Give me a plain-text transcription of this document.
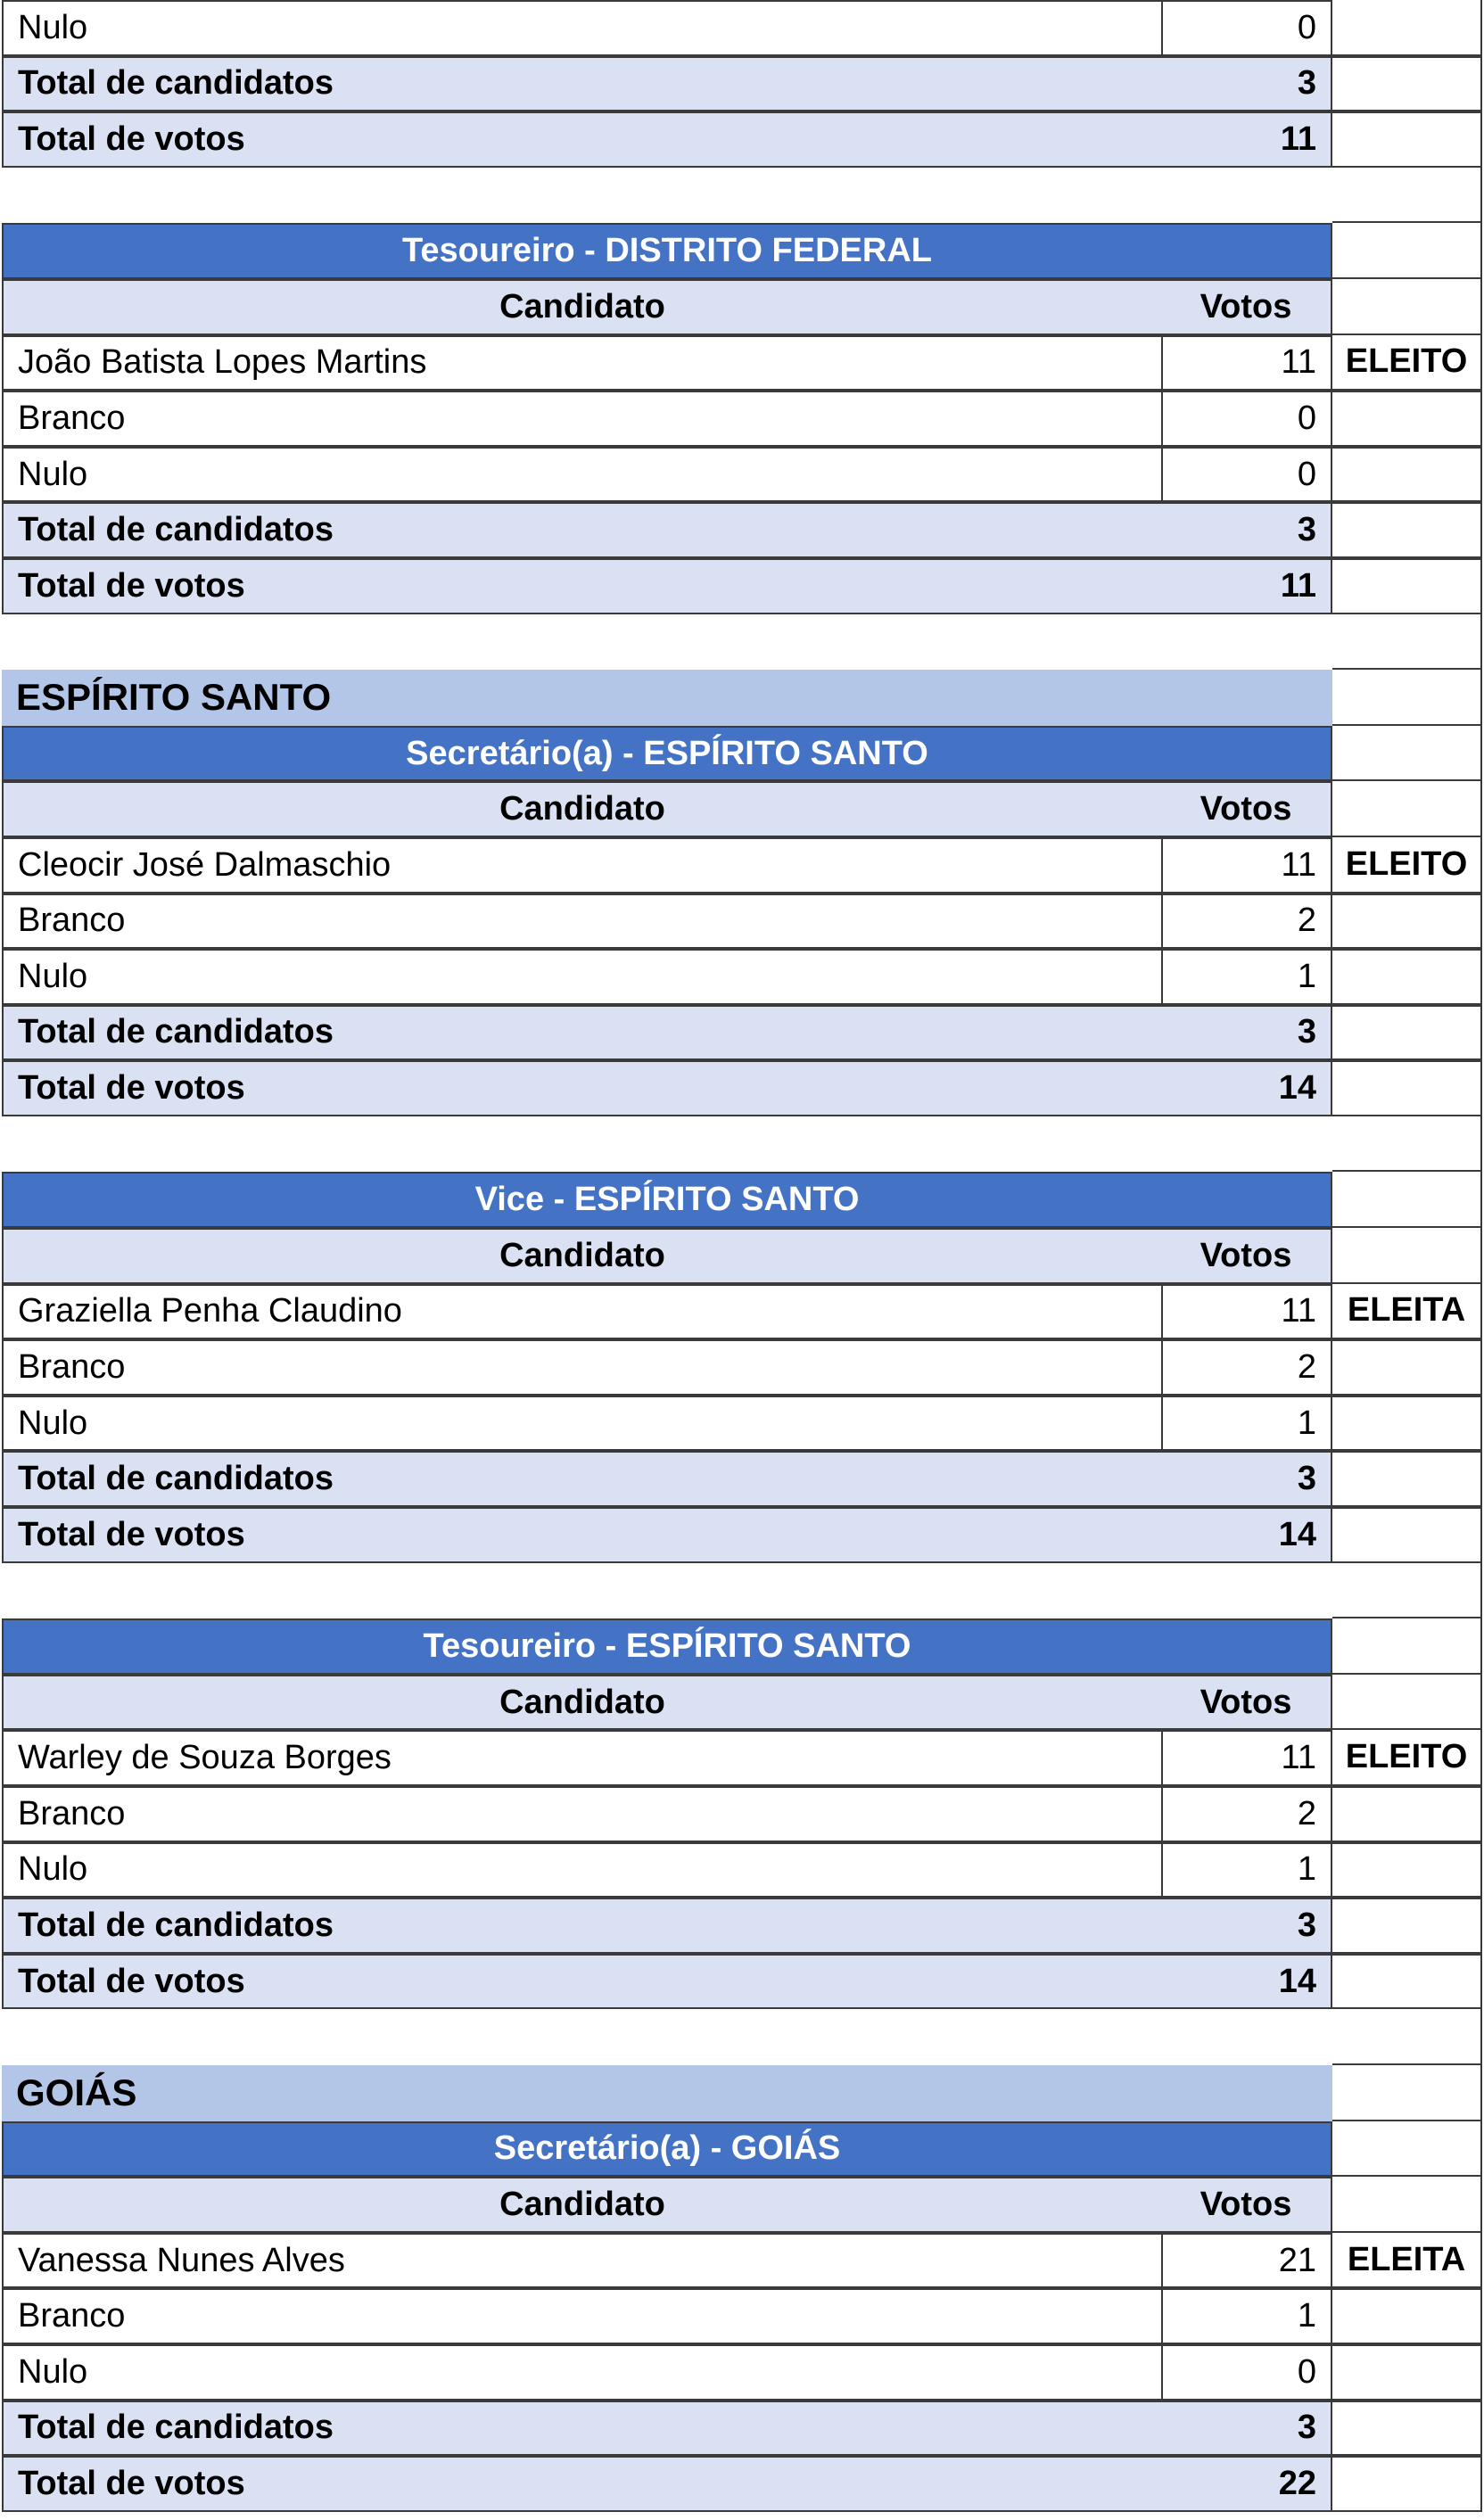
Nulo	0
Total de candidatos	3
Total de votos	11
Tesoureiro - DISTRITO FEDERAL
Candidato	Votos
João Batista Lopes Martins	11 ELEITO
Branco	0
Nulo	0
Total de candidatos	3
Total de votos	11
ESPÍRITO SANTO
Secretário(a) - ESPÍRITO SANTO
Candidato	Votos
Cleocir José Dalmaschio	11 ELEITO
Branco	2
Nulo	1
Total de candidatos	3
Total de votos	14
Vice - ESPÍRITO SANTO
Candidato	Votos
Graziella Penha Claudino	11 ELEITA
Branco	2
Nulo	1
Total de candidatos	3
Total de votos	14
Tesoureiro - ESPÍRITO SANTO
Candidato	Votos
Warley de Souza Borges	11 ELEITO
Branco	2
Nulo	1
Total de candidatos	3
Total de votos	14
GOIÁS
Secretário(a) - GOIÁS
Candidato	Votos
Vanessa Nunes Alves	21 ELEITA
Branco	1
Nulo	0
Total de candidatos	3
Total de votos	22
